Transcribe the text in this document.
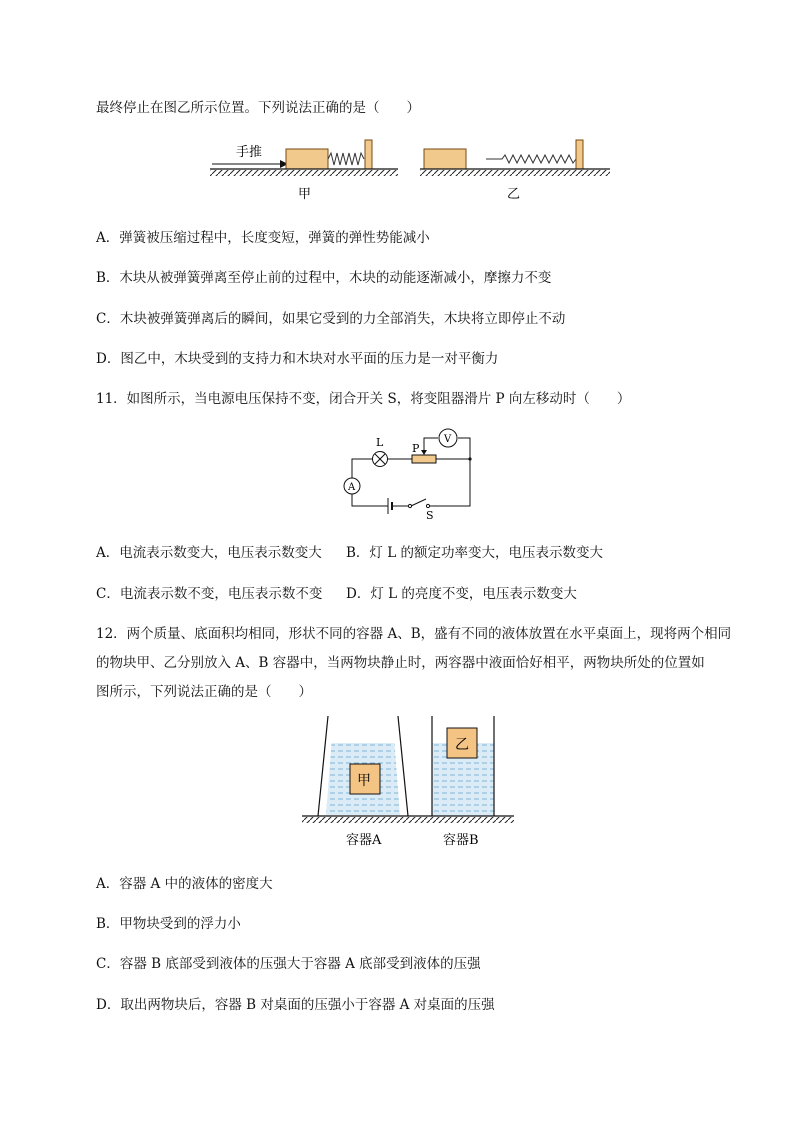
最终停止在图乙所示位置。下列说法正确的是（　　）
手推
甲	乙
A．弹簧被压缩过程中，长度变短，弹簧的弹性势能减小
B．木块从被弹簧弹离至停止前的过程中，木块的动能逐渐减小，摩擦力不变
C．木块被弹簧弹离后的瞬间，如果它受到的力全部消失，木块将立即停止不动
D．图乙中，木块受到的支持力和木块对水平面的压力是一对平衡力
11．如图所示，当电源电压保持不变，闭合开关 S，将变阻器滑片 P 向左移动时（　　）
V
L	P
A
S
A．电流表示数变大，电压表示数变大 B．灯 L 的额定功率变大，电压表示数变大
C．电流表示数不变，电压表示数不变 D．灯 L 的亮度不变，电压表示数变大
12．两个质量、底面积均相同，形状不同的容器 A、B，盛有不同的液体放置在水平桌面上，现将两个相同
的物块甲、乙分别放入 A、B 容器中，当两物块静止时，两容器中液面恰好相平，两物块所处的位置如
图所示，下列说法正确的是（　　）
甲
乙
容器A	容器B
A．容器 A 中的液体的密度大
B．甲物块受到的浮力小
C．容器 B 底部受到液体的压强大于容器 A 底部受到液体的压强
D．取出两物块后，容器 B 对桌面的压强小于容器 A 对桌面的压强
